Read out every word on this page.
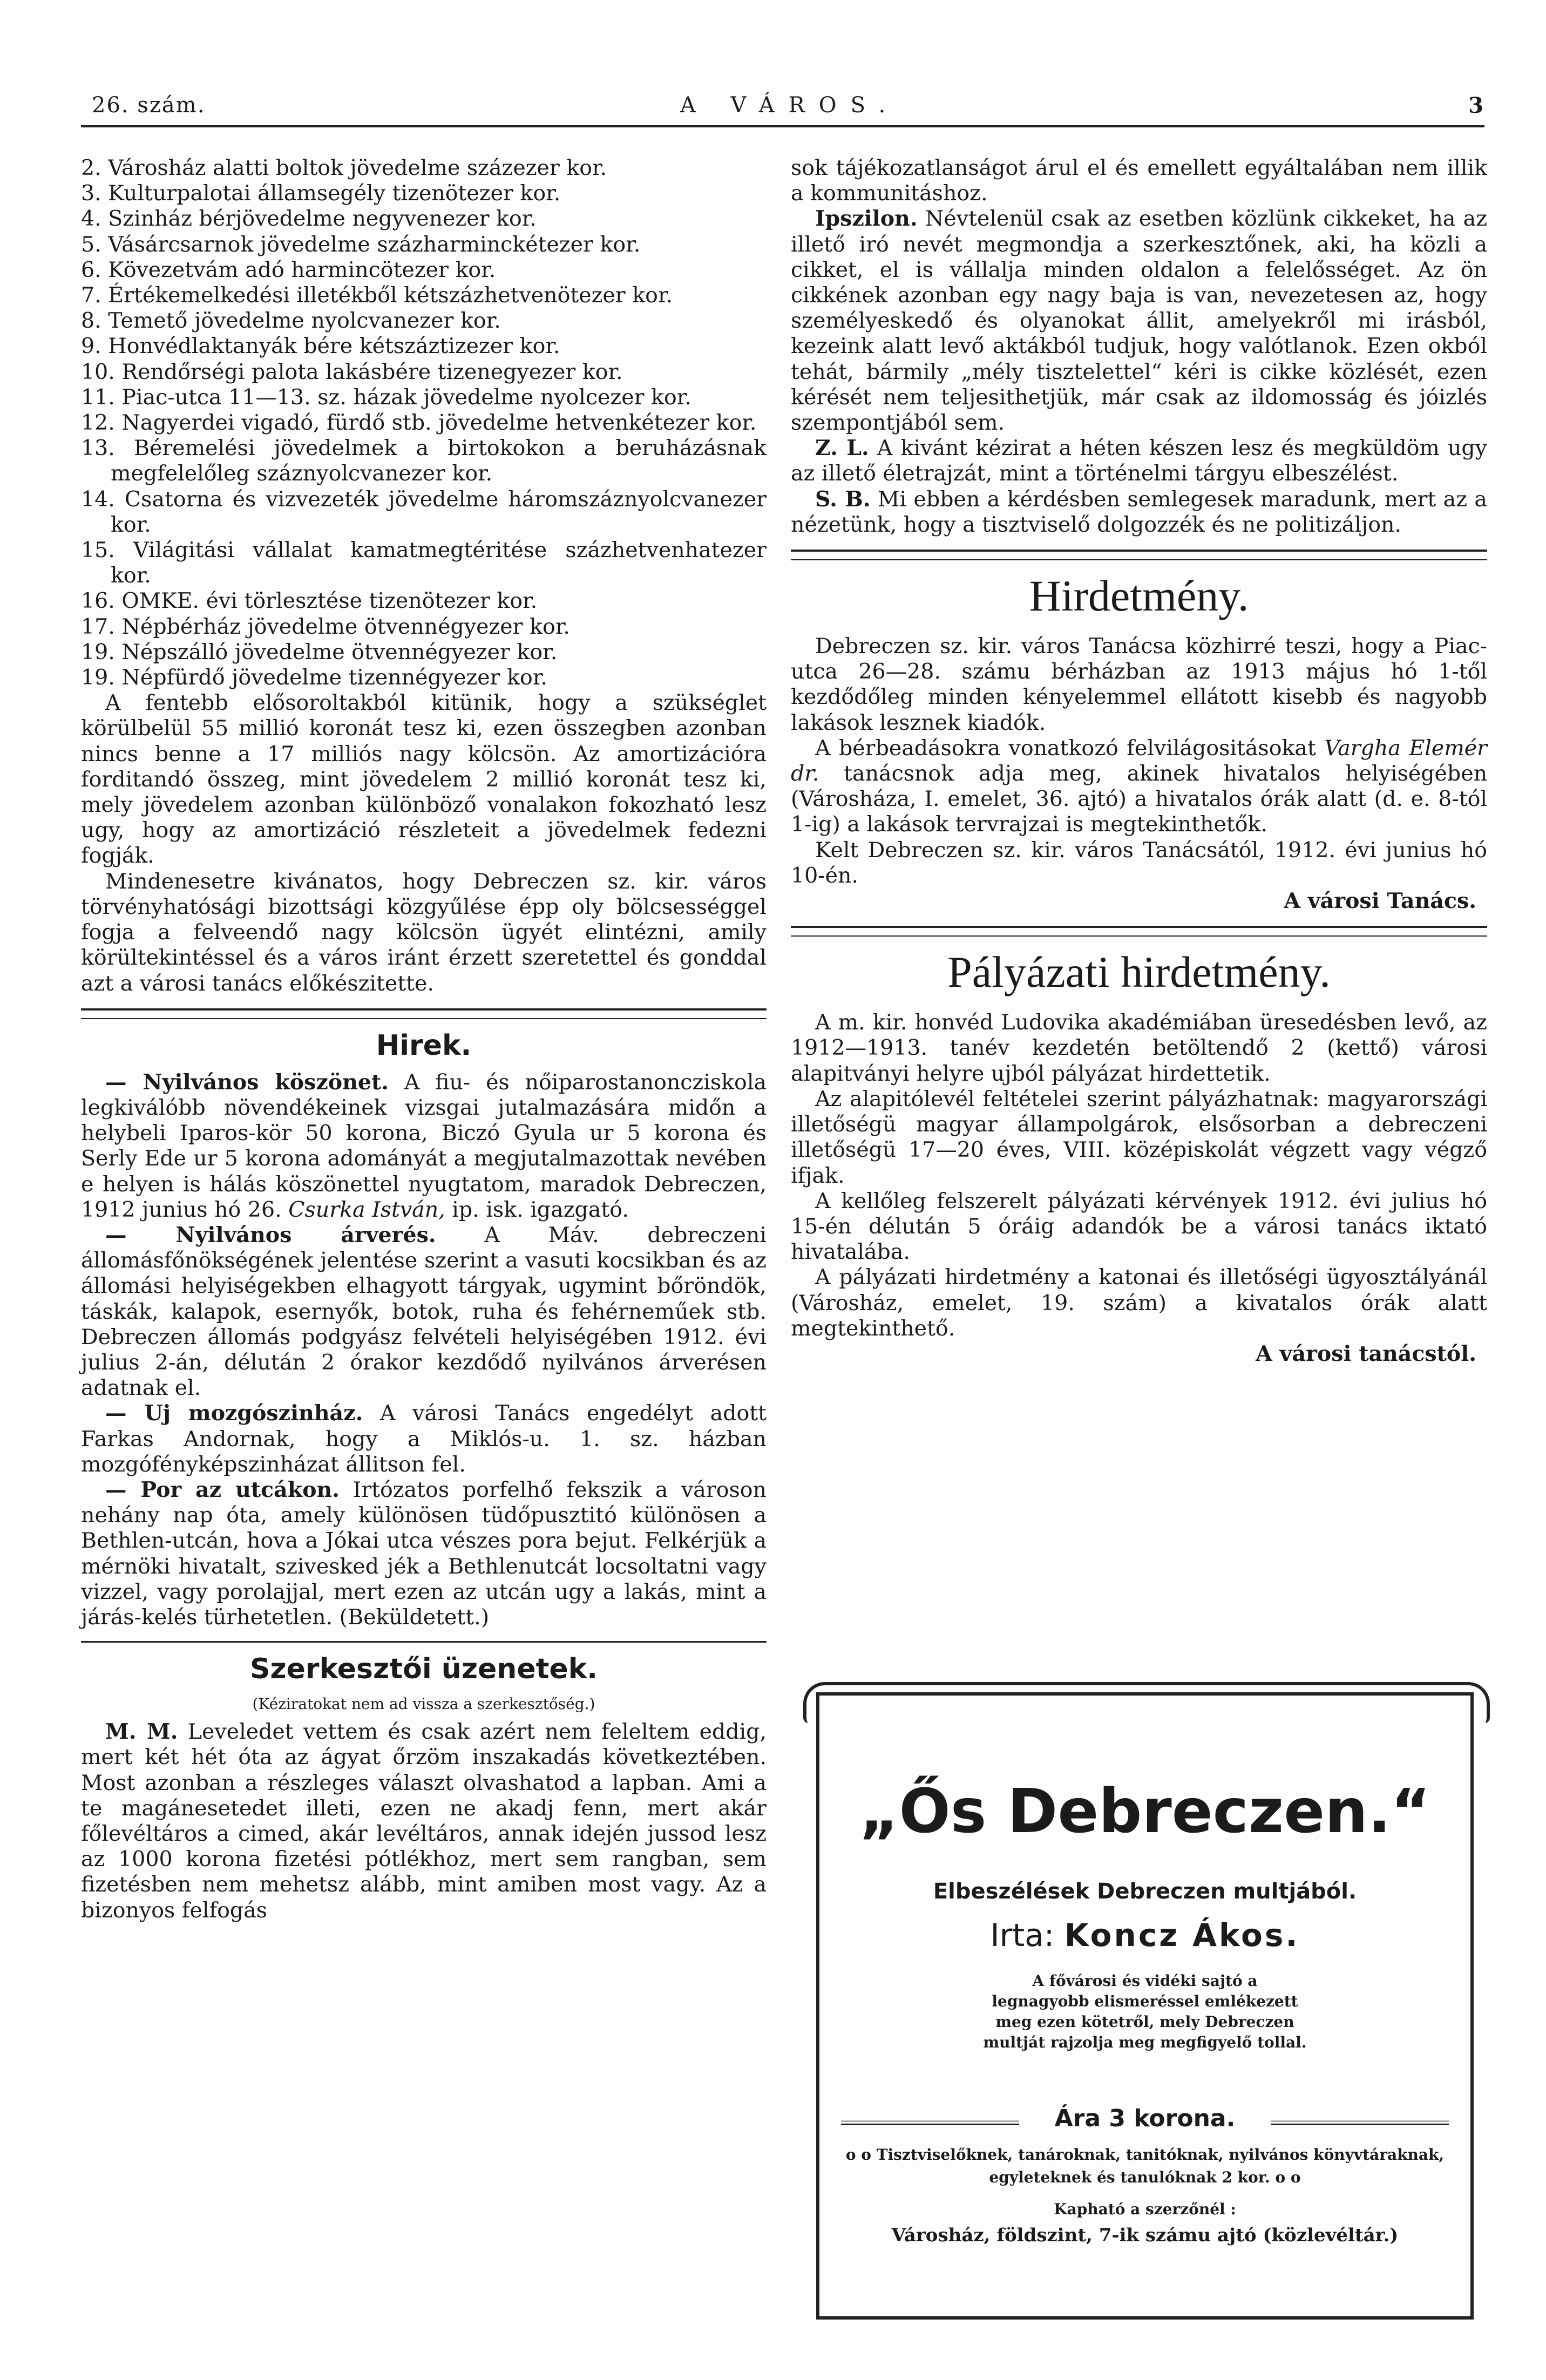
26. szám.	A VÁROS.	3

2. Városház alatti boltok jövedelme százezer kor.

3. Kulturpalotai államsegély tizenötezer kor.

4. Szinház bérjövedelme negyvenezer kor.

5. Vásárcsarnok jövedelme százharminckétezer kor.

6. Kövezetvám adó harmincötezer kor.

7. Értékemelkedési illetékből kétszázhetvenötezer kor.

8. Temető jövedelme nyolcvanezer kor.

9. Honvédlaktanyák bére kétszáztizezer kor.

10. Rendőrségi palota lakásbére tizenegyezer kor.

11. Piac-utca 11—13. sz. házak jövedelme nyolcezer kor.

12. Nagyerdei vigadó, fürdő stb. jövedelme hetvenkétezer kor.

13. Béremelési jövedelmek a birtokokon a beruházásnak megfelelőleg száznyolcvanezer kor.

14. Csatorna és vizvezeték jövedelme háromszáznyolcvanezer kor.

15. Világitási vállalat kamatmegtéritése százhetvenhatezer kor.

16. OMKE. évi törlesztése tizenötezer kor.

17. Népbérház jövedelme ötvennégyezer kor.

19. Népszálló jövedelme ötvennégyezer kor.

19. Népfürdő jövedelme tizennégyezer kor.

A fentebb elősoroltakból kitünik, hogy a szükséglet körülbelül 55 millió koronát tesz ki, ezen összegben azonban nincs benne a 17 milliós nagy kölcsön. Az amortizációra forditandó összeg, mint jövedelem 2 millió koronát tesz ki, mely jövedelem azonban különböző vonalakon fokozható lesz ugy, hogy az amortizáció részleteit a jövedelmek fedezni fogják.

Mindenesetre kivánatos, hogy Debreczen sz. kir. város törvényhatósági bizottsági közgyűlése épp oly bölcsességgel fogja a felveendő nagy kölcsön ügyét elintézni, amily körültekintéssel és a város iránt érzett szeretettel és gonddal azt a városi tanács előkészitette.

Hirek.

— Nyilvános köszönet. A fiu- és nőiparostanoncziskola legkiválóbb növendékeinek vizsgai jutalmazására midőn a helybeli Iparos-kör 50 korona, Biczó Gyula ur 5 korona és Serly Ede ur 5 korona adományát a megjutalmazottak nevében e helyen is hálás köszönettel nyugtatom, maradok Debreczen, 1912 junius hó 26. Csurka István, ip. isk. igazgató.

— Nyilvános árverés. A Máv. debreczeni állomásfőnökségének jelentése szerint a vasuti kocsikban és az állomási helyiségekben elhagyott tárgyak, ugymint bőröndök, táskák, kalapok, esernyők, botok, ruha és fehérneműek stb. Debreczen állomás podgyász felvételi helyiségében 1912. évi julius 2-án, délután 2 órakor kezdődő nyilvános árverésen adatnak el.

— Uj mozgószinház. A városi Tanács engedélyt adott Farkas Andornak, hogy a Miklós-u. 1. sz. házban mozgófényképszinházat állitson fel.

— Por az utcákon. Irtózatos porfelhő fekszik a városon nehány nap óta, amely különösen tüdőpusztitó különösen a Bethlen-utcán, hova a Jókai utca vészes pora bejut. Felkérjük a mérnöki hivatalt, szivesked jék a Bethlenutcát locsoltatni vagy vizzel, vagy porolajjal, mert ezen az utcán ugy a lakás, mint a járás-kelés türhetetlen. (Beküldetett.)

Szerkesztői üzenetek.
(Kéziratokat nem ad vissza a szerkesztőség.)

M. M. Leveledet vettem és csak azért nem feleltem eddig, mert két hét óta az ágyat őrzöm inszakadás következtében. Most azonban a részleges választ olvashatod a lapban. Ami a te magánesetedet illeti, ezen ne akadj fenn, mert akár főlevéltáros a cimed, akár levéltáros, annak idején jussod lesz az 1000 korona fizetési pótlékhoz, mert sem rangban, sem fizetésben nem mehetsz alább, mint amiben most vagy. Az a bizonyos felfogás

sok tájékozatlanságot árul el és emellett egyáltalában nem illik a kommunitáshoz.

Ipszilon. Névtelenül csak az esetben közlünk cikkeket, ha az illető iró nevét megmondja a szerkesztőnek, aki, ha közli a cikket, el is vállalja minden oldalon a felelősséget. Az ön cikkének azonban egy nagy baja is van, nevezetesen az, hogy személyeskedő és olyanokat állit, amelyekről mi irásból, kezeink alatt levő aktákból tudjuk, hogy valótlanok. Ezen okból tehát, bármily „mély tisztelettel“ kéri is cikke közlését, ezen kérését nem teljesithetjük, már csak az ildomosság és jóizlés szempontjából sem.

Z. L. A kivánt kézirat a héten készen lesz és megküldöm ugy az illető életrajzát, mint a történelmi tárgyu elbeszélést.

S. B. Mi ebben a kérdésben semlegesek maradunk, mert az a nézetünk, hogy a tisztviselő dolgozzék és ne politizáljon.

Hirdetmény.

Debreczen sz. kir. város Tanácsa közhirré teszi, hogy a Piac-utca 26—28. számu bérházban az 1913 május hó 1-től kezdődőleg minden kényelemmel ellátott kisebb és nagyobb lakások lesznek kiadók.

A bérbeadásokra vonatkozó felvilágositásokat Vargha Elemér dr. tanácsnok adja meg, akinek hivatalos helyiségében (Városháza, I. emelet, 36. ajtó) a hivatalos órák alatt (d. e. 8-tól 1-ig) a lakások tervrajzai is megtekinthetők.

Kelt Debreczen sz. kir. város Tanácsától, 1912. évi junius hó 10-én.

A városi Tanács.

Pályázati hirdetmény.

A m. kir. honvéd Ludovika akadémiában üresedésben levő, az 1912—1913. tanév kezdetén betöltendő 2 (kettő) városi alapitványi helyre ujból pályázat hirdettetik.

Az alapitólevél feltételei szerint pályázhatnak: magyarországi illetőségü magyar állampolgárok, elsősorban a debreczeni illetőségü 17—20 éves, VIII. középiskolát végzett vagy végző ifjak.

A kellőleg felszerelt pályázati kérvények 1912. évi julius hó 15-én délután 5 óráig adandók be a városi tanács iktató hivatalába.

A pályázati hirdetmény a katonai és illetőségi ügyosztályánál (Városház, emelet, 19. szám) a kivatalos órák alatt megtekinthető.

A városi tanácstól.

„Ős Debreczen.“
Elbeszélések Debreczen multjából.
Irta: Koncz Ákos.
A fővárosi és vidéki sajtó a legnagyobb elismeréssel emlékezett meg ezen kötetről, mely Debreczen multját rajzolja meg megfigyelő tollal.
Ára 3 korona.
o o Tisztviselőknek, tanároknak, tanitóknak, nyilvános könyvtáraknak, egyleteknek és tanulóknak 2 kor. o o
Kapható a szerzőnél :
Városház, földszint, 7-ik számu ajtó (közlevéltár.)
